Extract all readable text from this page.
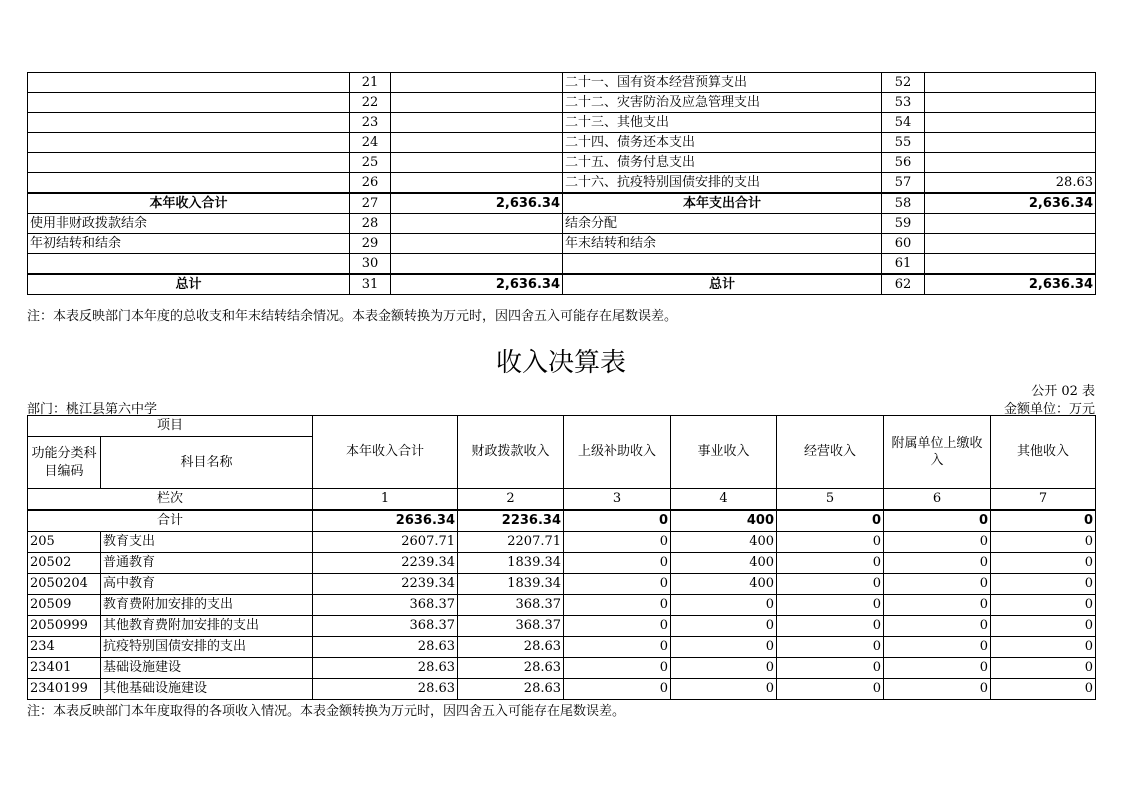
	21		二十一、国有资本经营预算支出	52	
	22		二十二、灾害防治及应急管理支出	53	
	23		二十三、其他支出	54	
	24		二十四、债务还本支出	55	
	25		二十五、债务付息支出	56	
	26		二十六、抗疫特别国债安排的支出	57	28.63
本年收入合计	27	2,636.34	本年支出合计	58	2,636.34
使用非财政拨款结余	28		结余分配	59	
年初结转和结余	29		年末结转和结余	60	
	30			61	
总计	31	2,636.34	总计	62	2,636.34
注：本表反映部门本年度的总收支和年末结转结余情况。本表金额转换为万元时，因四舍五入可能存在尾数误差。
收入决算表
公开 02 表
部门：桃江县第六中学	金额单位：万元
项目		本年收入合计	财政拨款收入	上级补助收入	事业收入	经营收入	附属单位上缴收入	其他收入
功能分类科目编码	科目名称							
栏次		1	2	3	4	5	6	7
合计		2636.34	2236.34	0	400	0	0	0
205	教育支出	2607.71	2207.71	0	400	0	0	0
20502	普通教育	2239.34	1839.34	0	400	0	0	0
2050204	高中教育	2239.34	1839.34	0	400	0	0	0
20509	教育费附加安排的支出	368.37	368.37	0	0	0	0	0
2050999	其他教育费附加安排的支出	368.37	368.37	0	0	0	0	0
234	抗疫特别国债安排的支出	28.63	28.63	0	0	0	0	0
23401	基础设施建设	28.63	28.63	0	0	0	0	0
2340199	其他基础设施建设	28.63	28.63	0	0	0	0	0
注：本表反映部门本年度取得的各项收入情况。本表金额转换为万元时，因四舍五入可能存在尾数误差。
